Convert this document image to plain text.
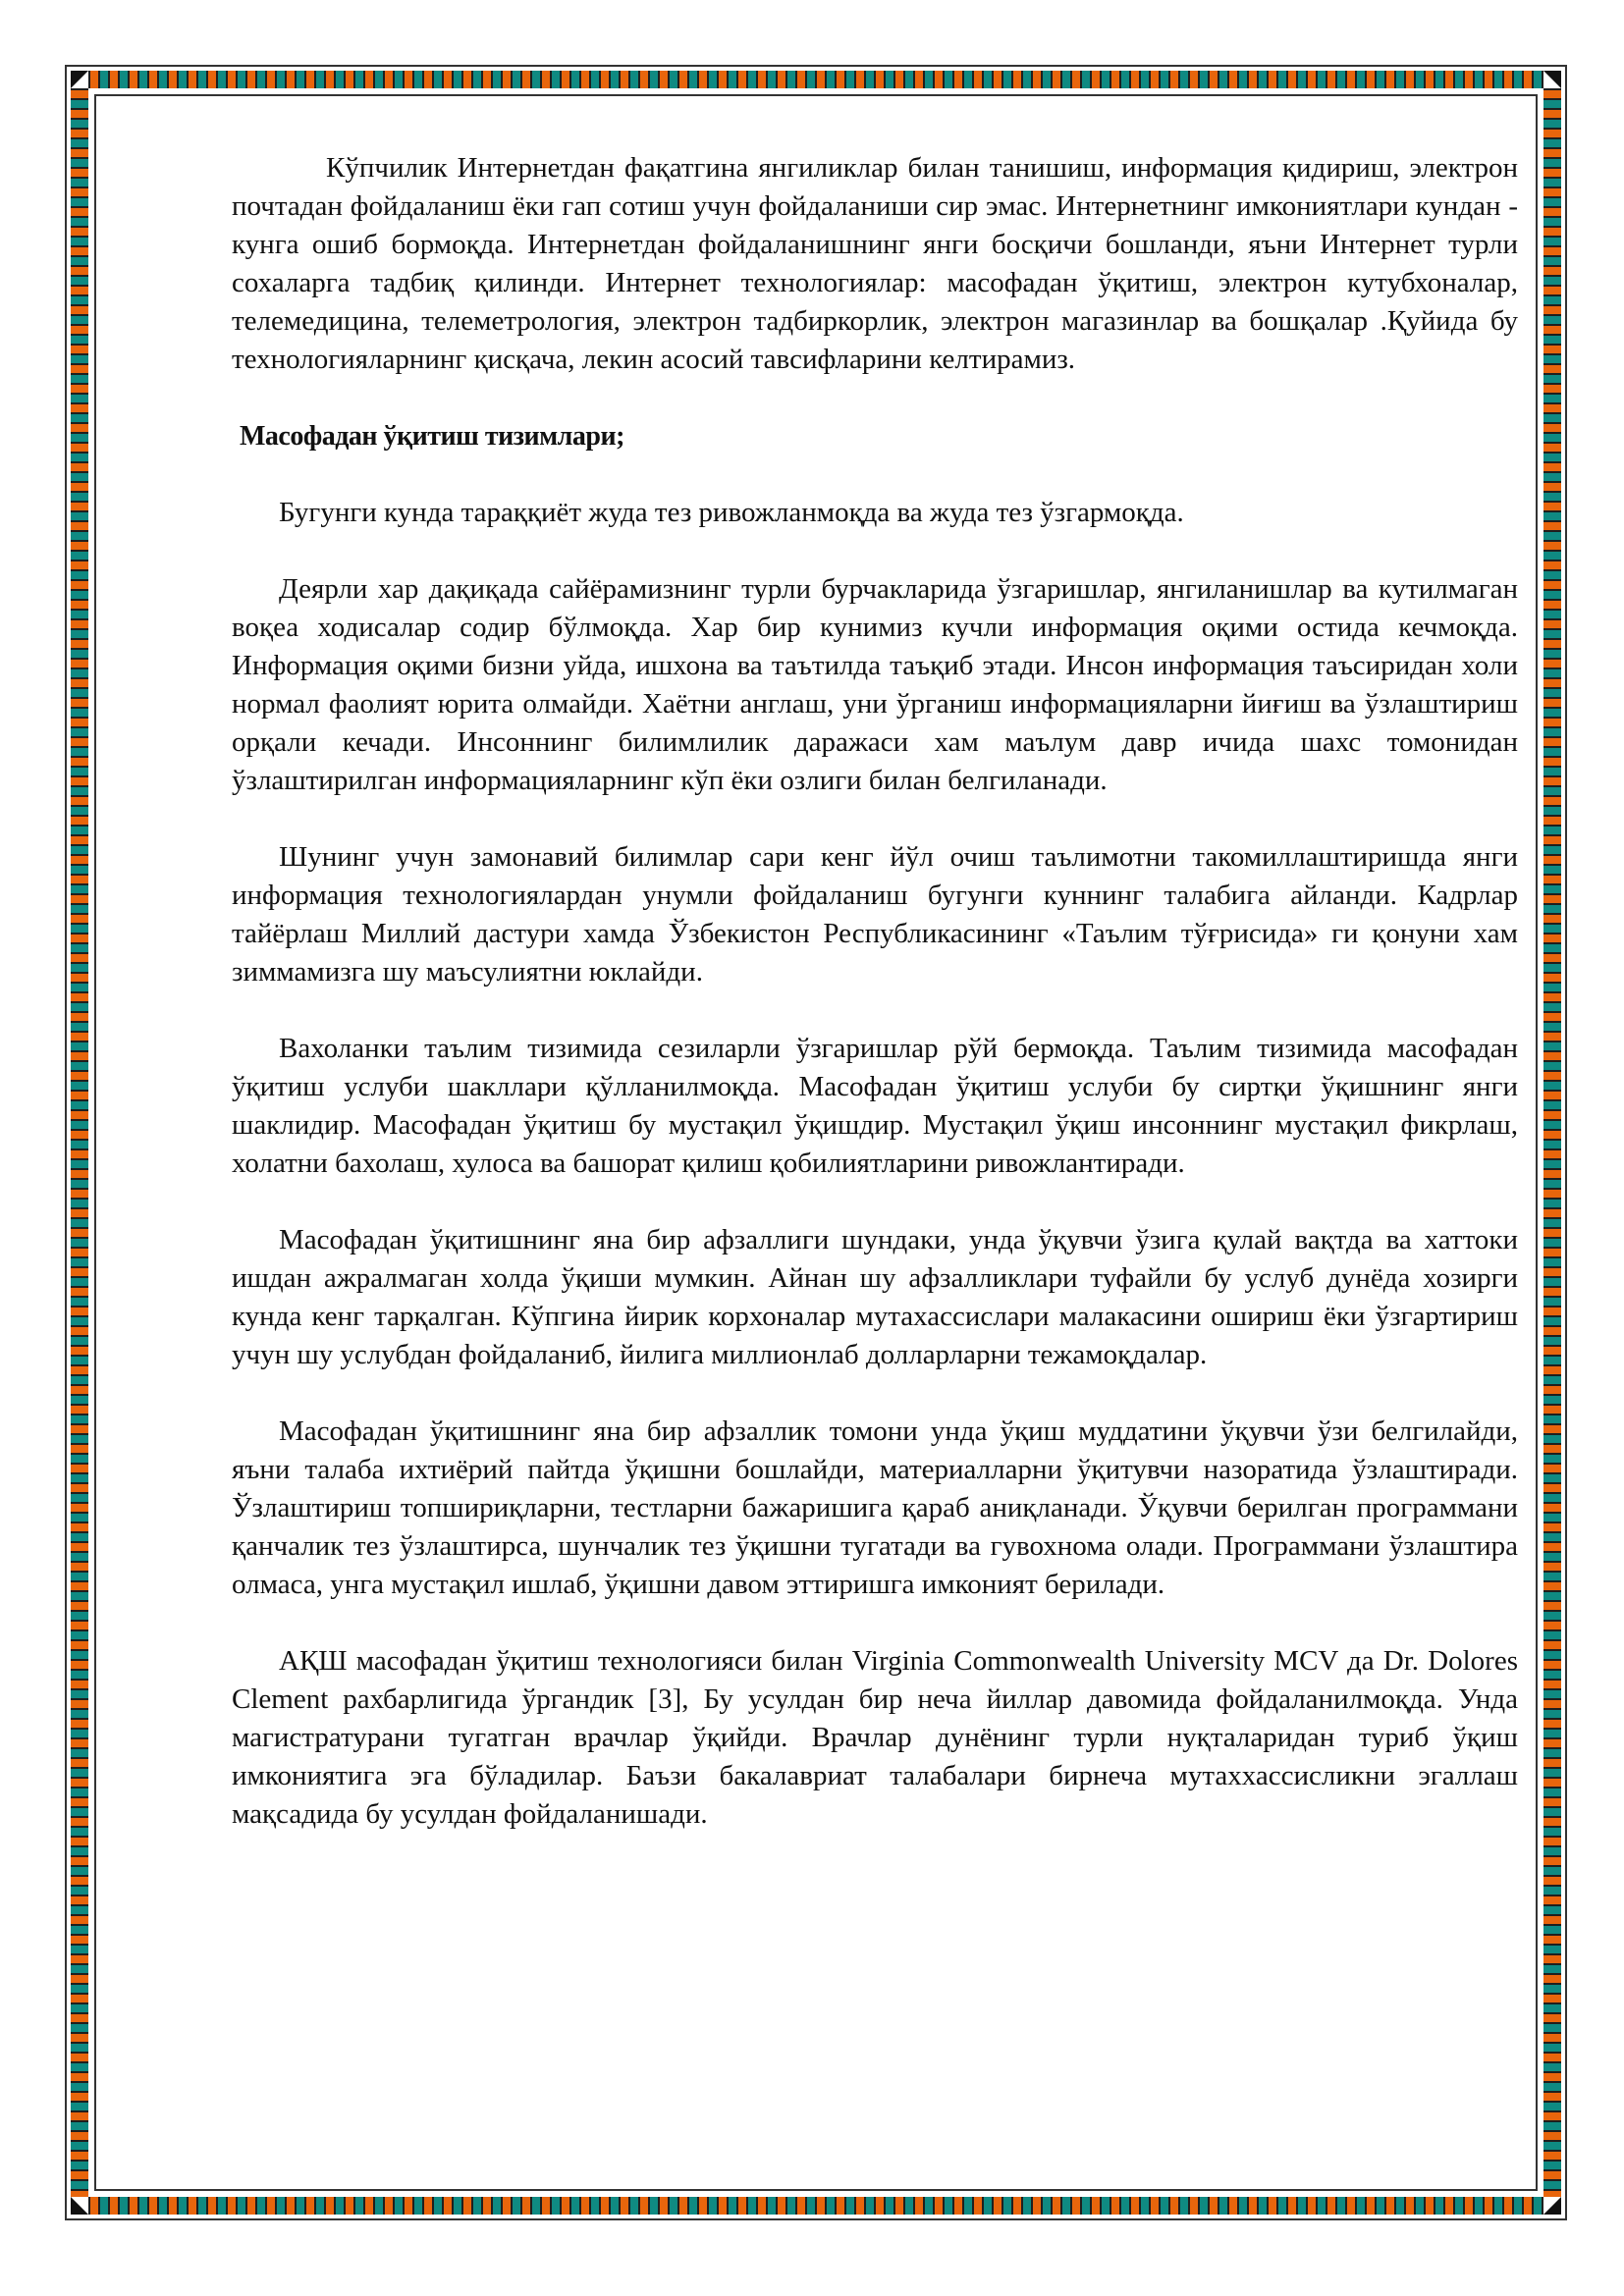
Кўпчилик Интернетдан фақатгина янгиликлар билан танишиш, информация қидириш, электрон почтадан фойдаланиш ёки гап сотиш учун фойдаланиши сир эмас. Интернетнинг имкониятлари кундан - кунга ошиб бормоқда. Интернетдан фойдаланишнинг янги босқичи бошланди, яъни Интернет турли сохаларга тадбиқ қилинди. Интернет технологиялар: масофадан ўқитиш, электрон кутубхоналар, телемедицина, телеметрология, электрон тадбиркорлик, электрон магазинлар ва бошқалар .Қуйида бу технологияларнинг қисқача, лекин асосий тавсифларини келтирамиз.

Масофадан ўқитиш тизимлари;

Бугунги кунда тараққиёт жуда тез ривожланмоқда ва жуда тез ўзгармоқда.

Деярли хар дақиқада сайёрамизнинг турли бурчакларида ўзгаришлар, янгиланишлар ва кутилмаган воқеа ходисалар содир бўлмоқда. Хар бир кунимиз кучли информация оқими остида кечмоқда. Информация оқими бизни уйда, ишхона ва таътилда таъқиб этади. Инсон информация таъсиридан холи нормал фаолият юрита олмайди. Хаётни англаш, уни ўрганиш информацияларни йиғиш ва ўзлаштириш орқали кечади. Инсоннинг билимлилик даражаси хам маълум давр ичида шахс томонидан ўзлаштирилган информацияларнинг кўп ёки озлиги билан белгиланади.

Шунинг учун замонавий билимлар сари кенг йўл очиш таълимотни такомиллаштиришда янги информация технологиялардан унумли фойдаланиш бугунги куннинг талабига айланди. Кадрлар тайёрлаш Миллий дастури хамда Ўзбекистон Республикасининг «Таълим тўғрисида» ги қонуни хам зиммамизга шу маъсулиятни юклайди.

Вахоланки таълим тизимида сезиларли ўзгаришлар рўй бермоқда. Таълим тизимида масофадан ўқитиш услуби шакллари қўлланилмоқда. Масофадан ўқитиш услуби бу сиртқи ўқишнинг янги шаклидир. Масофадан ўқитиш бу мустақил ўқишдир. Мустақил ўқиш инсоннинг мустақил фикрлаш, холатни бахолаш, хулоса ва башорат қилиш қобилиятларини ривожлантиради.

Масофадан ўқитишнинг яна бир афзаллиги шундаки, унда ўқувчи ўзига қулай вақтда ва хаттоки ишдан ажралмаган холда ўқиши мумкин. Айнан шу афзалликлари туфайли бу услуб дунёда хозирги кунда кенг тарқалган. Кўпгина йирик корхоналар мутахассислари малакасини ошириш ёки ўзгартириш учун шу услубдан фойдаланиб, йилига миллионлаб долларларни тежамоқдалар.

Масофадан ўқитишнинг яна бир афзаллик томони унда ўқиш муддатини ўқувчи ўзи белгилайди, яъни талаба ихтиёрий пайтда ўқишни бошлайди, материалларни ўқитувчи назоратида ўзлаштиради. Ўзлаштириш топшириқларни, тестларни бажаришига қараб аниқланади. Ўқувчи берилган программани қанчалик тез ўзлаштирса, шунчалик тез ўқишни тугатади ва гувохнома олади. Программани ўзлаштира олмаса, унга мустақил ишлаб, ўқишни давом эттиришга имконият берилади.

АҚШ масофадан ўқитиш технологияси билан Virginia Commonwealth University MCV да Dr. Dolores Clement рахбарлигида ўргандик [3], Бу усулдан бир неча йиллар давомида фойдаланилмоқда. Унда магистратурани тугатган врачлар ўқийди. Врачлар дунёнинг турли нуқталаридан туриб ўқиш имкониятига эга бўладилар. Баъзи бакалавриат талабалари бирнеча мутаххассисликни эгаллаш мақсадида бу усулдан фойдаланишади.
